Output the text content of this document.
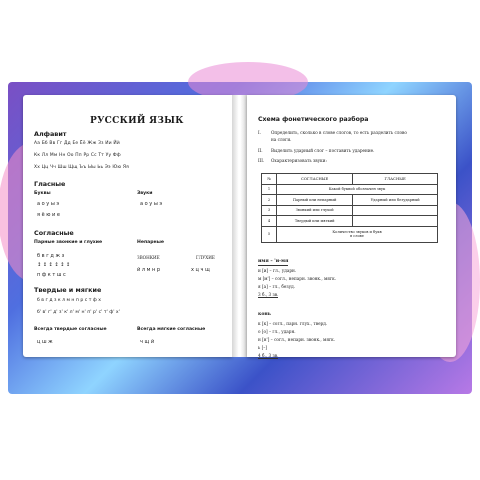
РУССКИЙ ЯЗЫК
Алфавит
Аа Бб Вв Гг Дд Ее Ёё Жж Зз Ии Йй
Кк Лл Мм Нн Оо Пп Рр Сс Тт Уу Фф
Хх Цц Чч Шш Щщ Ъъ Ыы Ьь Ээ Юю Яя
Гласные
Буквы
а о у ы э
я ё ю и е
Звуки
а о у ы э
Согласные
Парные звонкие и глухие
б в г д ж з
↕ ↕ ↕ ↕ ↕ ↕
п ф к т ш с
Непарные
ЗВОНКИЕ	ГЛУХИЕ
й л м н р	х ц ч щ
Твердые и мягкие
б в г д з к л м н п р с т ф х
б' в' г' д' з' к' л' м' н' п' р' с' т' ф' х'
Всегда твердые согласные
ц ш ж
Всегда мягкие согласные
ч щ й
Схема фонетического разбора
I. Определить, сколько в слове слогов, то есть разделить слово
на слоги.
II. Выделить ударный слог – поставить ударение.
III. Охарактеризовать звуки:
№	СОГЛАСНЫЕ	ГЛАСНЫЕ
1	Какой буквой обозначен звук	
2	Парный или непарный	Ударный или безударный
3	Звонкий или глухой	
4	Твердый или мягкий	
5	Количество звуков и букв
в слове	
имя – 'и-мя
и [и] – гл., ударн.
м [м'] – согл., непарн. звонк., мягк.
я [а] – гл., безуд.
3 б., 3 зв.
конь
к [к] – согл., парн. глух., тверд.
о [о] – гл., ударн.
н [н'] – согл., непарн. звонк., мягк.
ь [–]
4 б., 3 зв.
